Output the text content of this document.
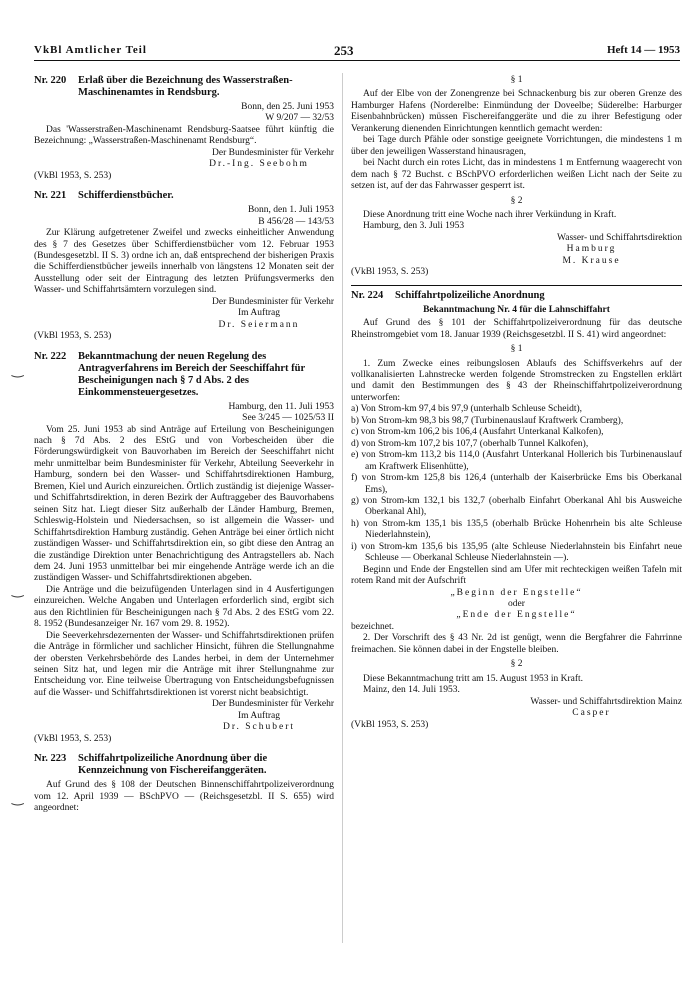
VkBl Amtlicher Teil	253	Heft 14 — 1953
‿
‿
‿
Nr. 220	Erlaß über die Bezeichnung des Wasserstraßen-Maschinenamtes in Rendsburg.

Bonn, den 25. Juni 1953

W 9/207 — 32/53

Das 'Wasserstraßen-Maschinenamt Rendsburg-Saatsee führt künftig die Bezeichnung: „Wasserstraßen-Maschinenamt Rendsburg“.

Der Bundesminister für Verkehr

Dr.-Ing. Seebohm

(VkBl 1953, S. 253)

Nr. 221	Schifferdienstbücher.

Bonn, den 1. Juli 1953

B 456/28 — 143/53

Zur Klärung aufgetretener Zweifel und zwecks einheitlicher Anwendung des § 7 des Gesetzes über Schifferdienstbücher vom 12. Februar 1953 (Bundesgesetzbl. II S. 3) ordne ich an, daß entsprechend der bisherigen Praxis die Schifferdienstbücher jeweils innerhalb von längstens 12 Monaten seit der Ausstellung oder seit der Eintragung des letzten Prüfungsvermerks den Wasser- und Schiffahrtsämtern vorzulegen sind.

Der Bundesminister für Verkehr

Im Auftrag

Dr. Seiermann

(VkBl 1953, S. 253)

Nr. 222	Bekanntmachung der neuen Regelung des Antragverfahrens im Bereich der Seeschiffahrt für Bescheinigungen nach § 7 d Abs. 2 des Einkommensteuergesetzes.

Hamburg, den 11. Juli 1953

See 3/245 — 1025/53 II

Vom 25. Juni 1953 ab sind Anträge auf Erteilung von Bescheinigungen nach § 7d Abs. 2 des EStG und von Vorbescheiden über die Förderungswürdigkeit von Bauvorhaben im Bereich der Seeschiffahrt nicht mehr unmittelbar beim Bundesminister für Verkehr, Abteilung Seeverkehr in Hamburg, sondern bei den Wasser- und Schiffahrtsdirektionen Hamburg, Bremen, Kiel und Aurich einzureichen. Örtlich zuständig ist diejenige Wasser- und Schiffahrtsdirektion, in deren Bezirk der Auftraggeber des Bauvorhabens seinen Sitz hat. Liegt dieser Sitz außerhalb der Länder Hamburg, Bremen, Schleswig-Holstein und Niedersachsen, so ist allgemein die Wasser- und Schiffahrtsdirektion Hamburg zuständig. Gehen Anträge bei einer örtlich nicht zuständigen Wasser- und Schiffahrtsdirektion ein, so gibt diese den Antrag an die zuständige Direktion unter Benachrichtigung des Antragstellers ab. Nach dem 24. Juni 1953 unmittelbar bei mir eingehende Anträge werde ich an die zuständigen Wasser- und Schiffahrtsdirektionen abgeben.

Die Anträge und die beizufügenden Unterlagen sind in 4 Ausfertigungen einzureichen. Welche Angaben und Unterlagen erforderlich sind, ergibt sich aus den Richtlinien für Bescheinigungen nach § 7d Abs. 2 des EStG vom 22. 8. 1952 (Bundesanzeiger Nr. 167 vom 29. 8. 1952).

Die Seeverkehrsdezernenten der Wasser- und Schiffahrtsdirektionen prüfen die Anträge in förmlicher und sachlicher Hinsicht, führen die Stellungnahme der obersten Verkehrsbehörde des Landes herbei, in dem der Unternehmer seinen Sitz hat, und legen mir die Anträge mit ihrer Stellungnahme zur Entscheidung vor. Eine teilweise Übertragung von Entscheidungsbefugnissen auf die Wasser- und Schiffahrtsdirektionen ist vorerst nicht beabsichtigt.

Der Bundesminister für Verkehr

Im Auftrag

Dr. Schubert

(VkBl 1953, S. 253)

Nr. 223	Schiffahrtpolizeiliche Anordnung über die Kennzeichnung von Fischereifanggeräten.

Auf Grund des § 108 der Deutschen Binnenschiffahrtpolizeiverordnung vom 12. April 1939 — BSchPVO — (Reichsgesetzbl. II S. 655) wird angeordnet:

§ 1

Auf der Elbe von der Zonengrenze bei Schnackenburg bis zur oberen Grenze des Hamburger Hafens (Norderelbe: Einmündung der Doveelbe; Süderelbe: Harburger Eisenbahnbrücken) müssen Fischereifanggeräte und die zu ihrer Befestigung oder Verankerung dienenden Einrichtungen kenntlich gemacht werden:

bei Tage durch Pfähle oder sonstige geeignete Vorrichtungen, die mindestens 1 m über den jeweiligen Wasserstand hinausragen,

bei Nacht durch ein rotes Licht, das in mindestens 1 m Entfernung waagerecht von dem nach § 72 Buchst. c BSchPVO erforderlichen weißen Licht nach der Seite zu setzen ist, auf der das Fahrwasser gesperrt ist.

§ 2

Diese Anordnung tritt eine Woche nach ihrer Verkündung in Kraft.

Hamburg, den 3. Juli 1953

Wasser- und Schiffahrtsdirektion

Hamburg

M. Krause

(VkBl 1953, S. 253)

Nr. 224	Schiffahrtpolizeiliche Anordnung

Bekanntmachung Nr. 4 für die Lahnschiffahrt

Auf Grund des § 101 der Schiffahrtpolizeiverordnung für das deutsche Rheinstromgebiet vom 18. Januar 1939 (Reichsgesetzbl. II S. 41) wird angeordnet:

§ 1

1. Zum Zwecke eines reibungslosen Ablaufs des Schiffsverkehrs auf der vollkanalisierten Lahnstrecke werden folgende Stromstrecken zu Engstellen erklärt und damit den Bestimmungen des § 43 der Rheinschiffahrtpolizeiverordnung unterworfen:

a) Von Strom-km 97,4 bis 97,9 (unterhalb Schleuse Scheidt),

b) Von Strom-km 98,3 bis 98,7 (Turbinenauslauf Kraftwerk Cramberg),

c) von Strom-km 106,2 bis 106,4 (Ausfahrt Unterkanal Kalkofen),

d) von Strom-km 107,2 bis 107,7 (oberhalb Tunnel Kalkofen),

e) von Strom-km 113,2 bis 114,0 (Ausfahrt Unterkanal Hollerich bis Turbinenauslauf am Kraftwerk Elisenhütte),

f) von Strom-km 125,8 bis 126,4 (unterhalb der Kaiserbrücke Ems bis Oberkanal Ems),

g) von Strom-km 132,1 bis 132,7 (oberhalb Einfahrt Oberkanal Ahl bis Ausweiche Oberkanal Ahl),

h) von Strom-km 135,1 bis 135,5 (oberhalb Brücke Hohenrhein bis alte Schleuse Niederlahnstein),

i) von Strom-km 135,6 bis 135,95 (alte Schleuse Niederlahnstein bis Einfahrt neue Schleuse — Oberkanal Schleuse Niederlahnstein —).

Beginn und Ende der Engstellen sind am Ufer mit rechteckigen weißen Tafeln mit rotem Rand mit der Aufschrift

„Beginn der Engstelle“

oder

„Ende der Engstelle“

bezeichnet.

2. Der Vorschrift des § 43 Nr. 2d ist genügt, wenn die Bergfahrer die Fahrrinne freimachen. Sie können dabei in der Engstelle bleiben.

§ 2

Diese Bekanntmachung tritt am 15. August 1953 in Kraft.

Mainz, den 14. Juli 1953.

Wasser- und Schiffahrtsdirektion Mainz

Casper

(VkBl 1953, S. 253)
